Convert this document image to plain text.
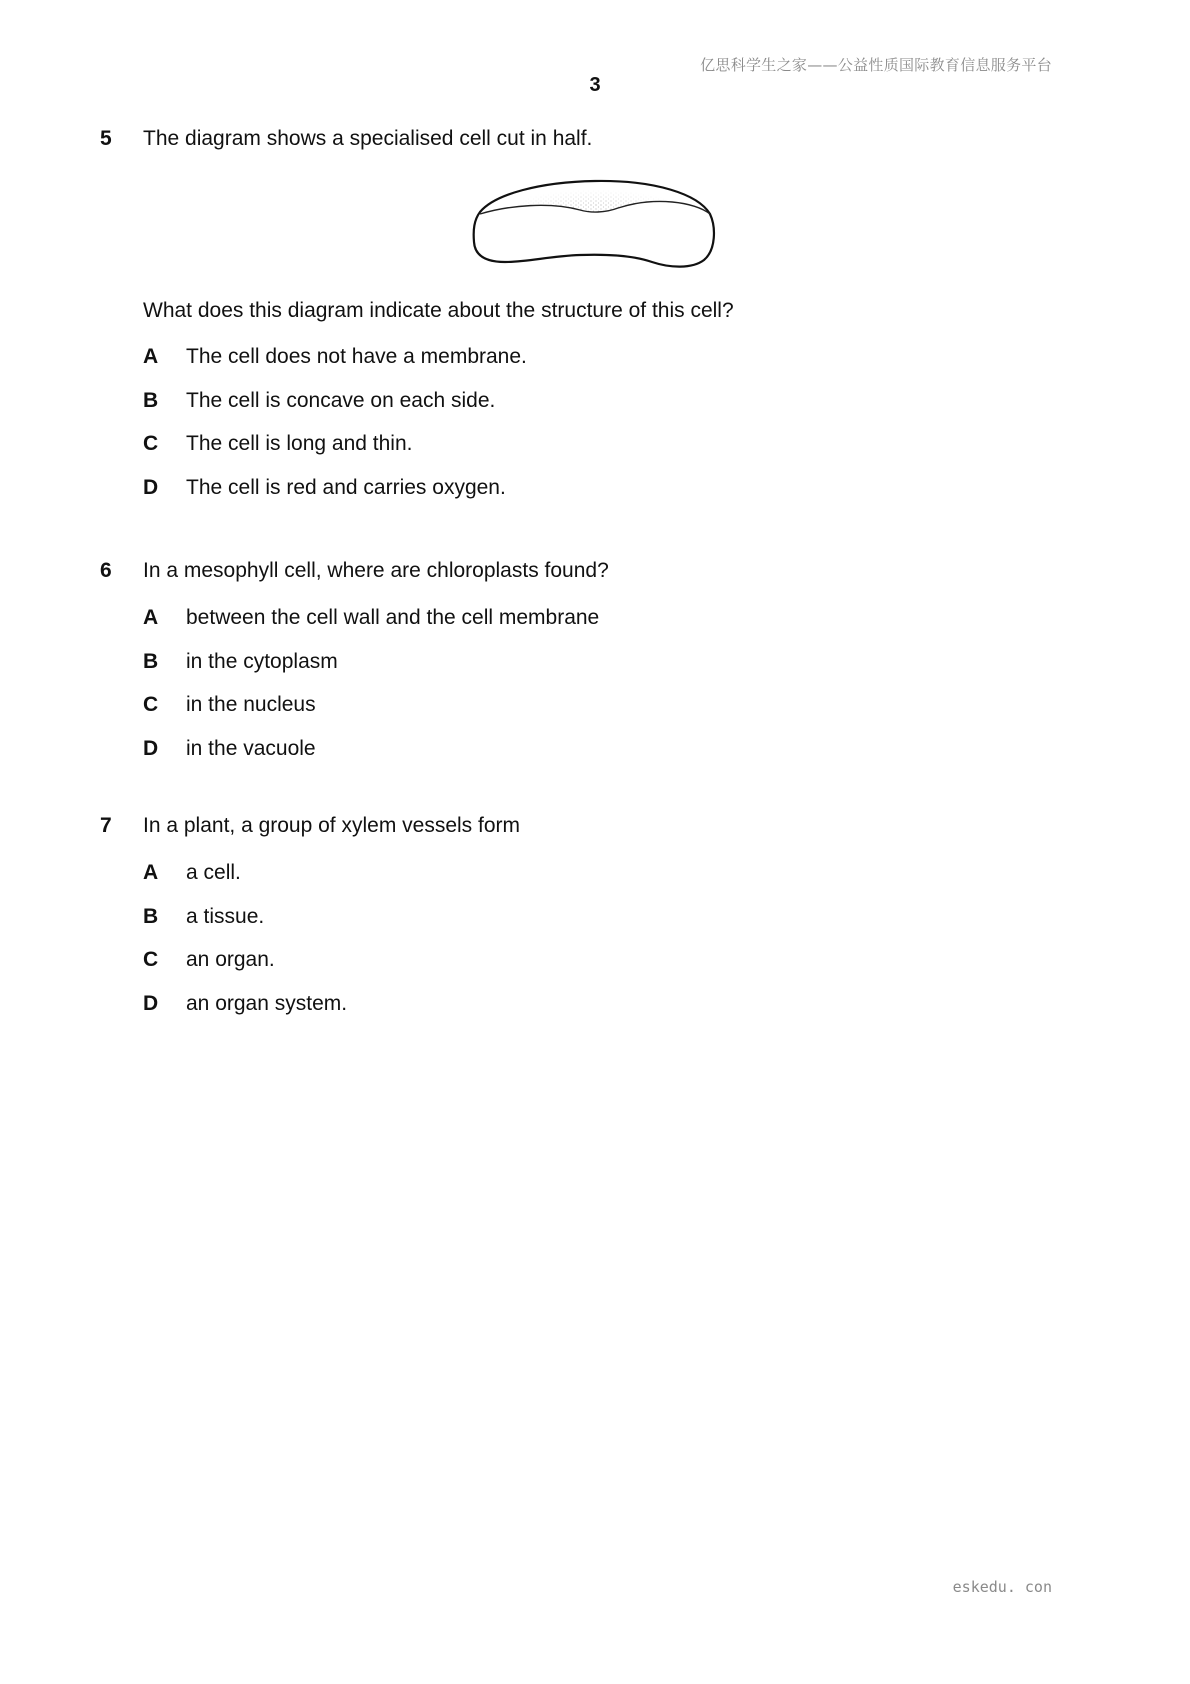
亿思科学生之家——公益性质国际教育信息服务平台
3
5	The diagram shows a specialised cell cut in half.
What does this diagram indicate about the structure of this cell?
A	The cell does not have a membrane.
B	The cell is concave on each side.
C	The cell is long and thin.
D	The cell is red and carries oxygen.
6	In a mesophyll cell, where are chloroplasts found?
A	between the cell wall and the cell membrane
B	in the cytoplasm
C	in the nucleus
D	in the vacuole
7	In a plant, a group of xylem vessels form
A	a cell.
B	a tissue.
C	an organ.
D	an organ system.
eskedu. con
